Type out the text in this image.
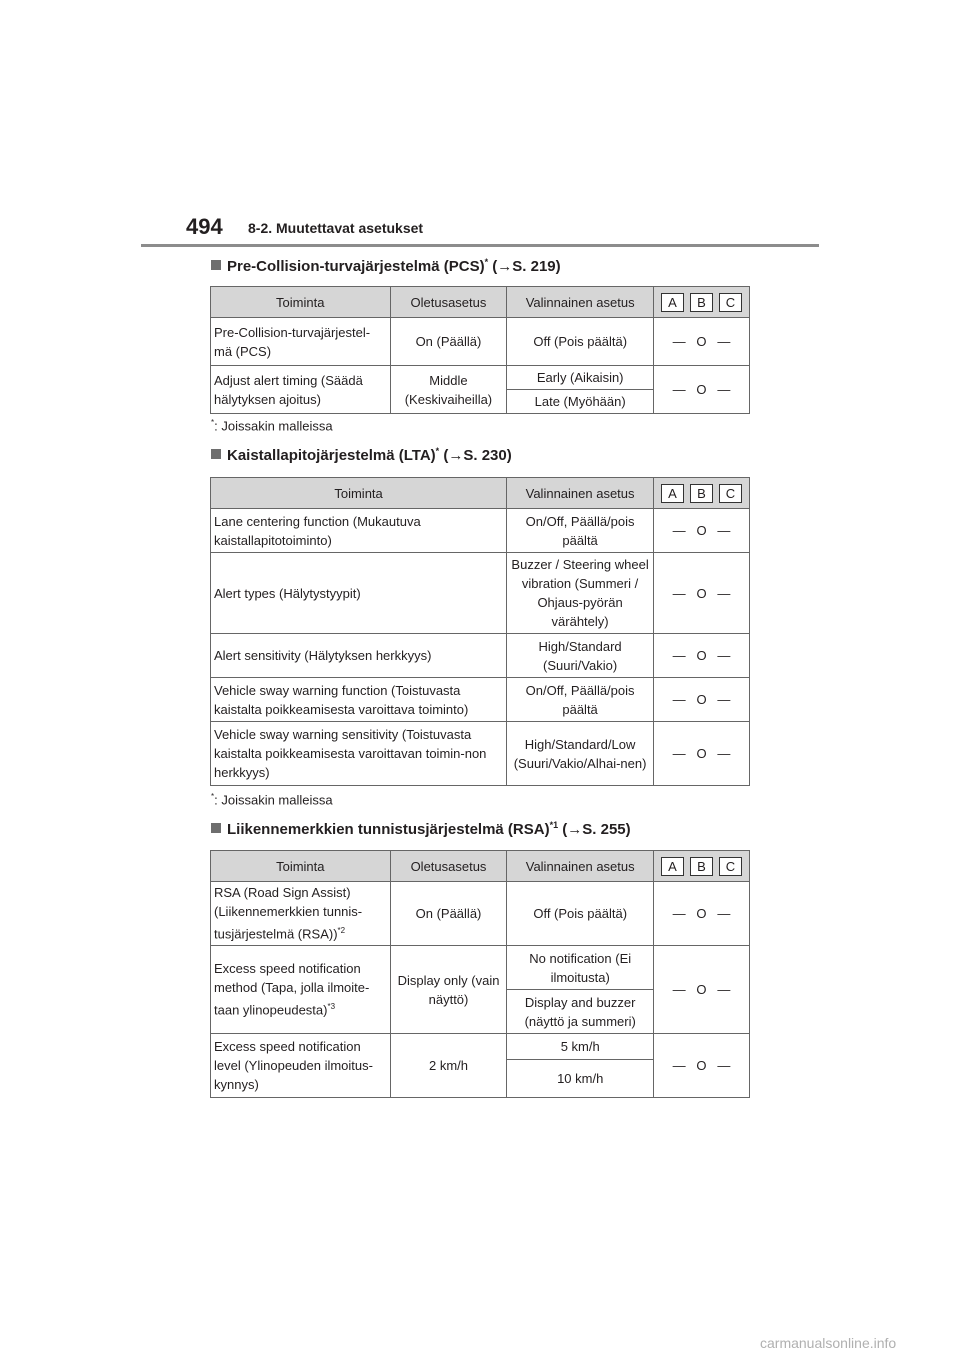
494 8-2. Muutettavat asetukset
Pre-Collision-turvajärjestelmä (PCS)* (→S. 219)
Toiminta	Oletusasetus	Valinnainen asetus	A B C
Pre-Collision-turvajärjestel-mä (PCS)	On (Päällä)	Off (Pois päältä)	— O —
Adjust alert timing (Säädä hälytyksen ajoitus)	Middle (Keskivaiheilla)	Early (Aikaisin)	— O —
		Late (Myöhään)	
*: Joissakin malleissa
Kaistallapitojärjestelmä (LTA)* (→S. 230)
Toiminta	Valinnainen asetus	A B C
Lane centering function (Mukautuva kaistallapitotoiminto)	On/Off, Päällä/pois päältä	— O —
Alert types (Hälytystyypit)	Buzzer / Steering wheel vibration (Summeri / Ohjaus-pyörän värähtely)	— O —
Alert sensitivity (Hälytyksen herkkyys)	High/Standard (Suuri/Vakio)	— O —
Vehicle sway warning function (Toistuvasta kaistalta poikkeamisesta varoittava toiminto)	On/Off, Päällä/pois päältä	— O —
Vehicle sway warning sensitivity (Toistuvasta kaistalta poikkeamisesta varoittavan toimin-non herkkyys)	High/Standard/Low (Suuri/Vakio/Alhai-nen)	— O —
*: Joissakin malleissa
Liikennemerkkien tunnistusjärjestelmä (RSA)$^{*1}$ (→S. 255)
Toiminta	Oletusasetus	Valinnainen asetus	A B C
RSA (Road Sign Assist) (Liikennemerkkien tunnis-tusjärjestelmä (RSA))$^{*2}$	On (Päällä)	Off (Pois päältä)	— O —
Excess speed notification method (Tapa, jolla ilmoite-taan ylinopeudesta)$^{*3}$	Display only (vain näyttö)	No notification (Ei ilmoitusta)	— O —
		Display and buzzer (näyttö ja summeri)	
Excess speed notification level (Ylinopeuden ilmoitus-kynnys)	2 km/h	5 km/h	— O —
		10 km/h	
carmanualsonline.info
